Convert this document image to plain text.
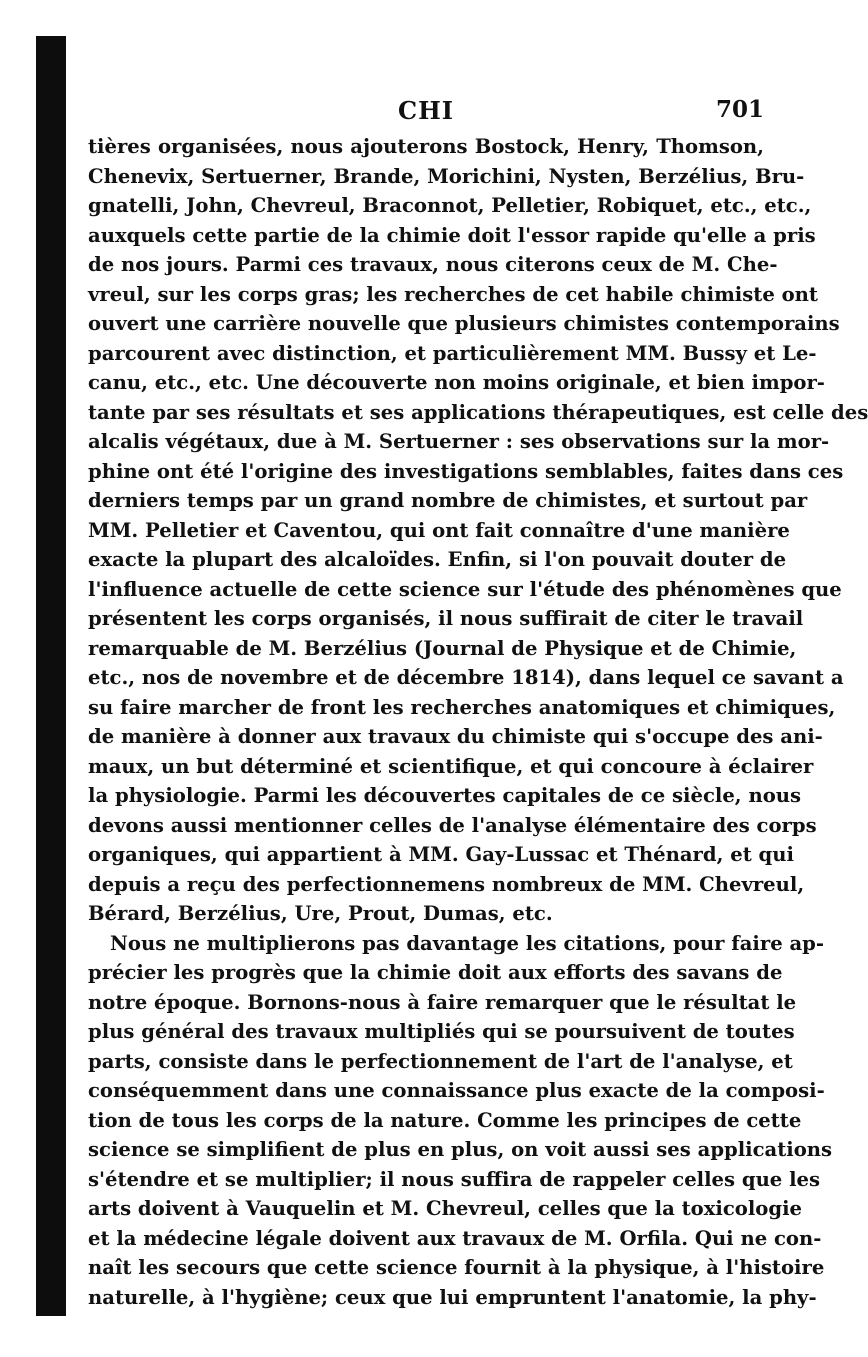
CHI	701
tières organisées, nous ajouterons Bostock, Henry, Thomson,
Chenevix, Sertuerner, Brande, Morichini, Nysten, Berzélius, Bru-
gnatelli, John, Chevreul, Braconnot, Pelletier, Robiquet, etc., etc.,
auxquels cette partie de la chimie doit l'essor rapide qu'elle a pris
de nos jours. Parmi ces travaux, nous citerons ceux de M. Che-
vreul, sur les corps gras; les recherches de cet habile chimiste ont
ouvert une carrière nouvelle que plusieurs chimistes contemporains
parcourent avec distinction, et particulièrement MM. Bussy et Le-
canu, etc., etc. Une découverte non moins originale, et bien impor-
tante par ses résultats et ses applications thérapeutiques, est celle des
alcalis végétaux, due à M. Sertuerner : ses observations sur la mor-
phine ont été l'origine des investigations semblables, faites dans ces
derniers temps par un grand nombre de chimistes, et surtout par
MM. Pelletier et Caventou, qui ont fait connaître d'une manière
exacte la plupart des alcaloïdes. Enfin, si l'on pouvait douter de
l'influence actuelle de cette science sur l'étude des phénomènes que
présentent les corps organisés, il nous suffirait de citer le travail
remarquable de M. Berzélius (Journal de Physique et de Chimie,
etc., nos de novembre et de décembre 1814), dans lequel ce savant a
su faire marcher de front les recherches anatomiques et chimiques,
de manière à donner aux travaux du chimiste qui s'occupe des ani-
maux, un but déterminé et scientifique, et qui concoure à éclairer
la physiologie. Parmi les découvertes capitales de ce siècle, nous
devons aussi mentionner celles de l'analyse élémentaire des corps
organiques, qui appartient à MM. Gay-Lussac et Thénard, et qui
depuis a reçu des perfectionnemens nombreux de MM. Chevreul,
Bérard, Berzélius, Ure, Prout, Dumas, etc.
Nous ne multiplierons pas davantage les citations, pour faire ap-
précier les progrès que la chimie doit aux efforts des savans de
notre époque. Bornons-nous à faire remarquer que le résultat le
plus général des travaux multipliés qui se poursuivent de toutes
parts, consiste dans le perfectionnement de l'art de l'analyse, et
conséquemment dans une connaissance plus exacte de la composi-
tion de tous les corps de la nature. Comme les principes de cette
science se simplifient de plus en plus, on voit aussi ses applications
s'étendre et se multiplier; il nous suffira de rappeler celles que les
arts doivent à Vauquelin et M. Chevreul, celles que la toxicologie
et la médecine légale doivent aux travaux de M. Orfila. Qui ne con-
naît les secours que cette science fournit à la physique, à l'histoire
naturelle, à l'hygiène; ceux que lui empruntent l'anatomie, la phy-
